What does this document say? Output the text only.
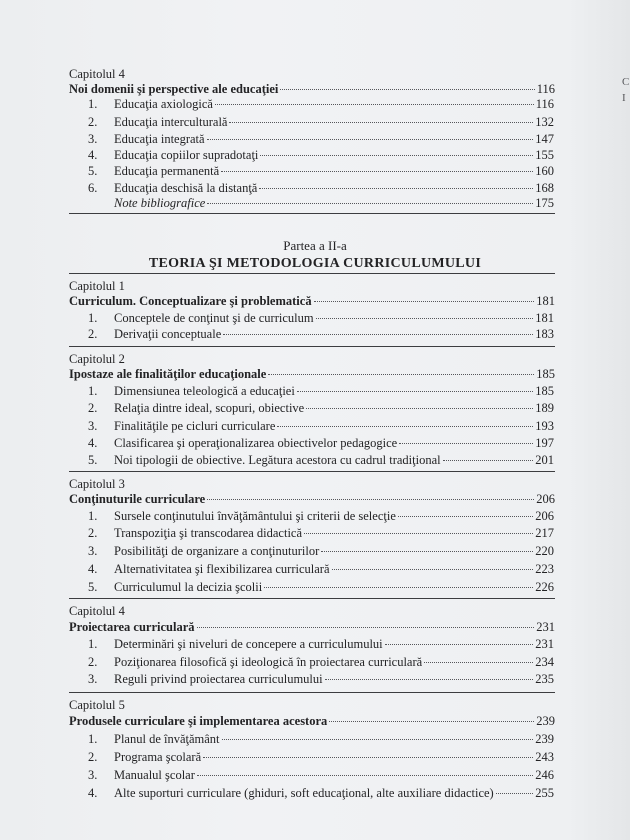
Capitolul 4
Noi domenii şi perspective ale educaţiei	116
1.	Educaţia axiologică	116
2.	Educaţia interculturală	132
3.	Educaţia integrată	147
4.	Educaţia copiilor supradotaţi	155
5.	Educaţia permanentă	160
6.	Educaţia deschisă la distanţă	168
Note bibliografice	175
Partea a II-a
TEORIA ŞI METODOLOGIA CURRICULUMULUI
Capitolul 1
Curriculum. Conceptualizare şi problematică	181
1.	Conceptele de conţinut şi de curriculum	181
2.	Derivaţii conceptuale	183
Capitolul 2
Ipostaze ale finalităţilor educaţionale	185
1.	Dimensiunea teleologică a educaţiei	185
2.	Relaţia dintre ideal, scopuri, obiective	189
3.	Finalităţile pe cicluri curriculare	193
4.	Clasificarea şi operaţionalizarea obiectivelor pedagogice	197
5.	Noi tipologii de obiective. Legătura acestora cu cadrul tradiţional	201
Capitolul 3
Conţinuturile curriculare	206
1.	Sursele conţinutului învăţământului şi criterii de selecţie	206
2.	Transpoziţia şi transcodarea didactică	217
3.	Posibilităţi de organizare a conţinuturilor	220
4.	Alternativitatea şi flexibilizarea curriculară	223
5.	Curriculumul la decizia şcolii	226
Capitolul 4
Proiectarea curriculară	231
1.	Determinări şi niveluri de concepere a curriculumului	231
2.	Poziţionarea filosofică şi ideologică în proiectarea curriculară	234
3.	Reguli privind proiectarea curriculumului	235
Capitolul 5
Produsele curriculare şi implementarea acestora	239
1.	Planul de învăţământ	239
2.	Programa şcolară	243
3.	Manualul şcolar	246
4.	Alte suporturi curriculare (ghiduri, soft educaţional, alte auxiliare didactice)	255
C
I
